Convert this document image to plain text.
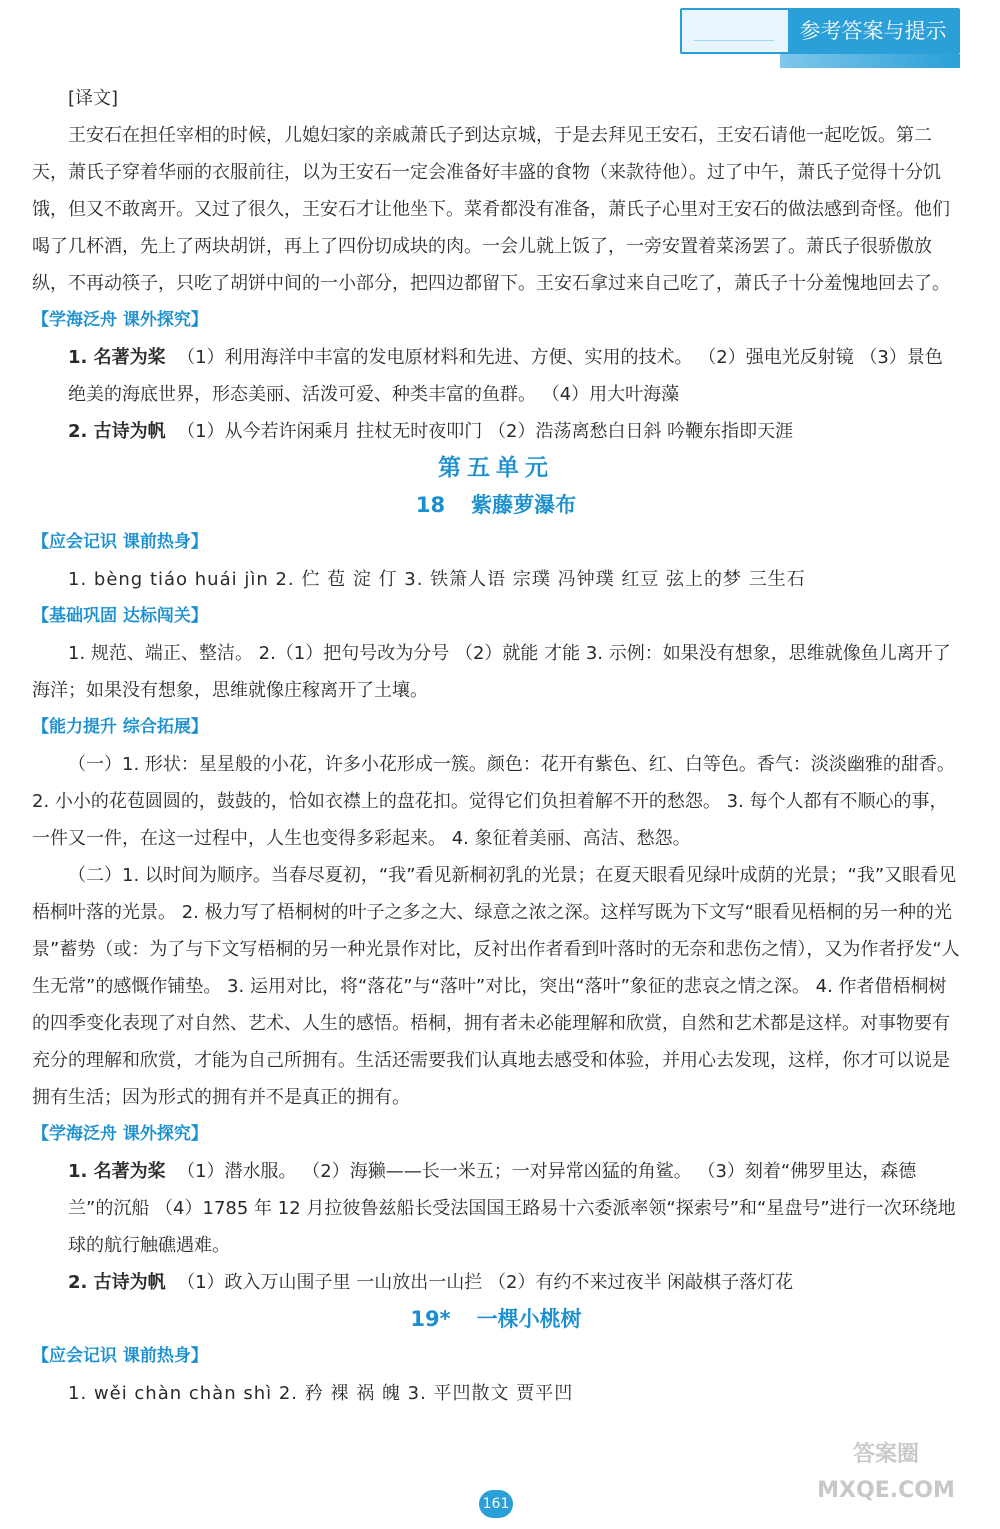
参考答案与提示

[译文]

王安石在担任宰相的时候，儿媳妇家的亲戚萧氏子到达京城，于是去拜见王安石，王安石请他一起吃饭。第二天，萧氏子穿着华丽的衣服前往，以为王安石一定会准备好丰盛的食物（来款待他）。过了中午，萧氏子觉得十分饥饿，但又不敢离开。又过了很久，王安石才让他坐下。菜肴都没有准备，萧氏子心里对王安石的做法感到奇怪。他们喝了几杯酒，先上了两块胡饼，再上了四份切成块的肉。一会儿就上饭了，一旁安置着菜汤罢了。萧氏子很骄傲放纵，不再动筷子，只吃了胡饼中间的一小部分，把四边都留下。王安石拿过来自己吃了，萧氏子十分羞愧地回去了。

【学海泛舟 课外探究】

1. 名著为桨 （1）利用海洋中丰富的发电原材料和先进、方便、实用的技术。 （2）强电光反射镜 （3）景色绝美的海底世界，形态美丽、活泼可爱、种类丰富的鱼群。 （4）用大叶海藻

2. 古诗为帆 （1）从今若许闲乘月 拄杖无时夜叩门 （2）浩荡离愁白日斜 吟鞭东指即天涯

第五单元

18 紫藤萝瀑布

【应会记识 课前热身】

1. bèng tiáo huái jìn 2. 伫 苞 淀 仃 3. 铁箫人语 宗璞 冯钟璞 红豆 弦上的梦 三生石

【基础巩固 达标闯关】

1. 规范、端正、整洁。 2.（1）把句号改为分号 （2）就能 才能 3. 示例：如果没有想象，思维就像鱼儿离开了海洋；如果没有想象，思维就像庄稼离开了土壤。

【能力提升 综合拓展】

（一）1. 形状：星星般的小花，许多小花形成一簇。颜色：花开有紫色、红、白等色。香气：淡淡幽雅的甜香。 2. 小小的花苞圆圆的，鼓鼓的，恰如衣襟上的盘花扣。觉得它们负担着解不开的愁怨。 3. 每个人都有不顺心的事，一件又一件，在这一过程中，人生也变得多彩起来。 4. 象征着美丽、高洁、愁怨。

（二）1. 以时间为顺序。当春尽夏初，“我”看见新桐初乳的光景；在夏天眼看见绿叶成荫的光景；“我”又眼看见梧桐叶落的光景。 2. 极力写了梧桐树的叶子之多之大、绿意之浓之深。这样写既为下文写“眼看见梧桐的另一种的光景”蓄势（或：为了与下文写梧桐的另一种光景作对比，反衬出作者看到叶落时的无奈和悲伤之情），又为作者抒发“人生无常”的感慨作铺垫。 3. 运用对比，将“落花”与“落叶”对比，突出“落叶”象征的悲哀之情之深。 4. 作者借梧桐树的四季变化表现了对自然、艺术、人生的感悟。梧桐，拥有者未必能理解和欣赏，自然和艺术都是这样。对事物要有充分的理解和欣赏，才能为自己所拥有。生活还需要我们认真地去感受和体验，并用心去发现，这样，你才可以说是拥有生活；因为形式的拥有并不是真正的拥有。

【学海泛舟 课外探究】

1. 名著为桨 （1）潜水服。 （2）海獭——长一米五；一对异常凶猛的角鲨。 （3）刻着“佛罗里达，森德兰”的沉船 （4）1785 年 12 月拉彼鲁兹船长受法国国王路易十六委派率领“探索号”和“星盘号”进行一次环绕地球的航行触礁遇难。

2. 古诗为帆 （1）政入万山围子里 一山放出一山拦 （2）有约不来过夜半 闲敲棋子落灯花

19* 一棵小桃树

【应会记识 课前热身】

1. wěi chàn chàn shì 2. 矜 裸 祸 魄 3. 平凹散文 贾平凹

161
答案圈 MXQE.COM
